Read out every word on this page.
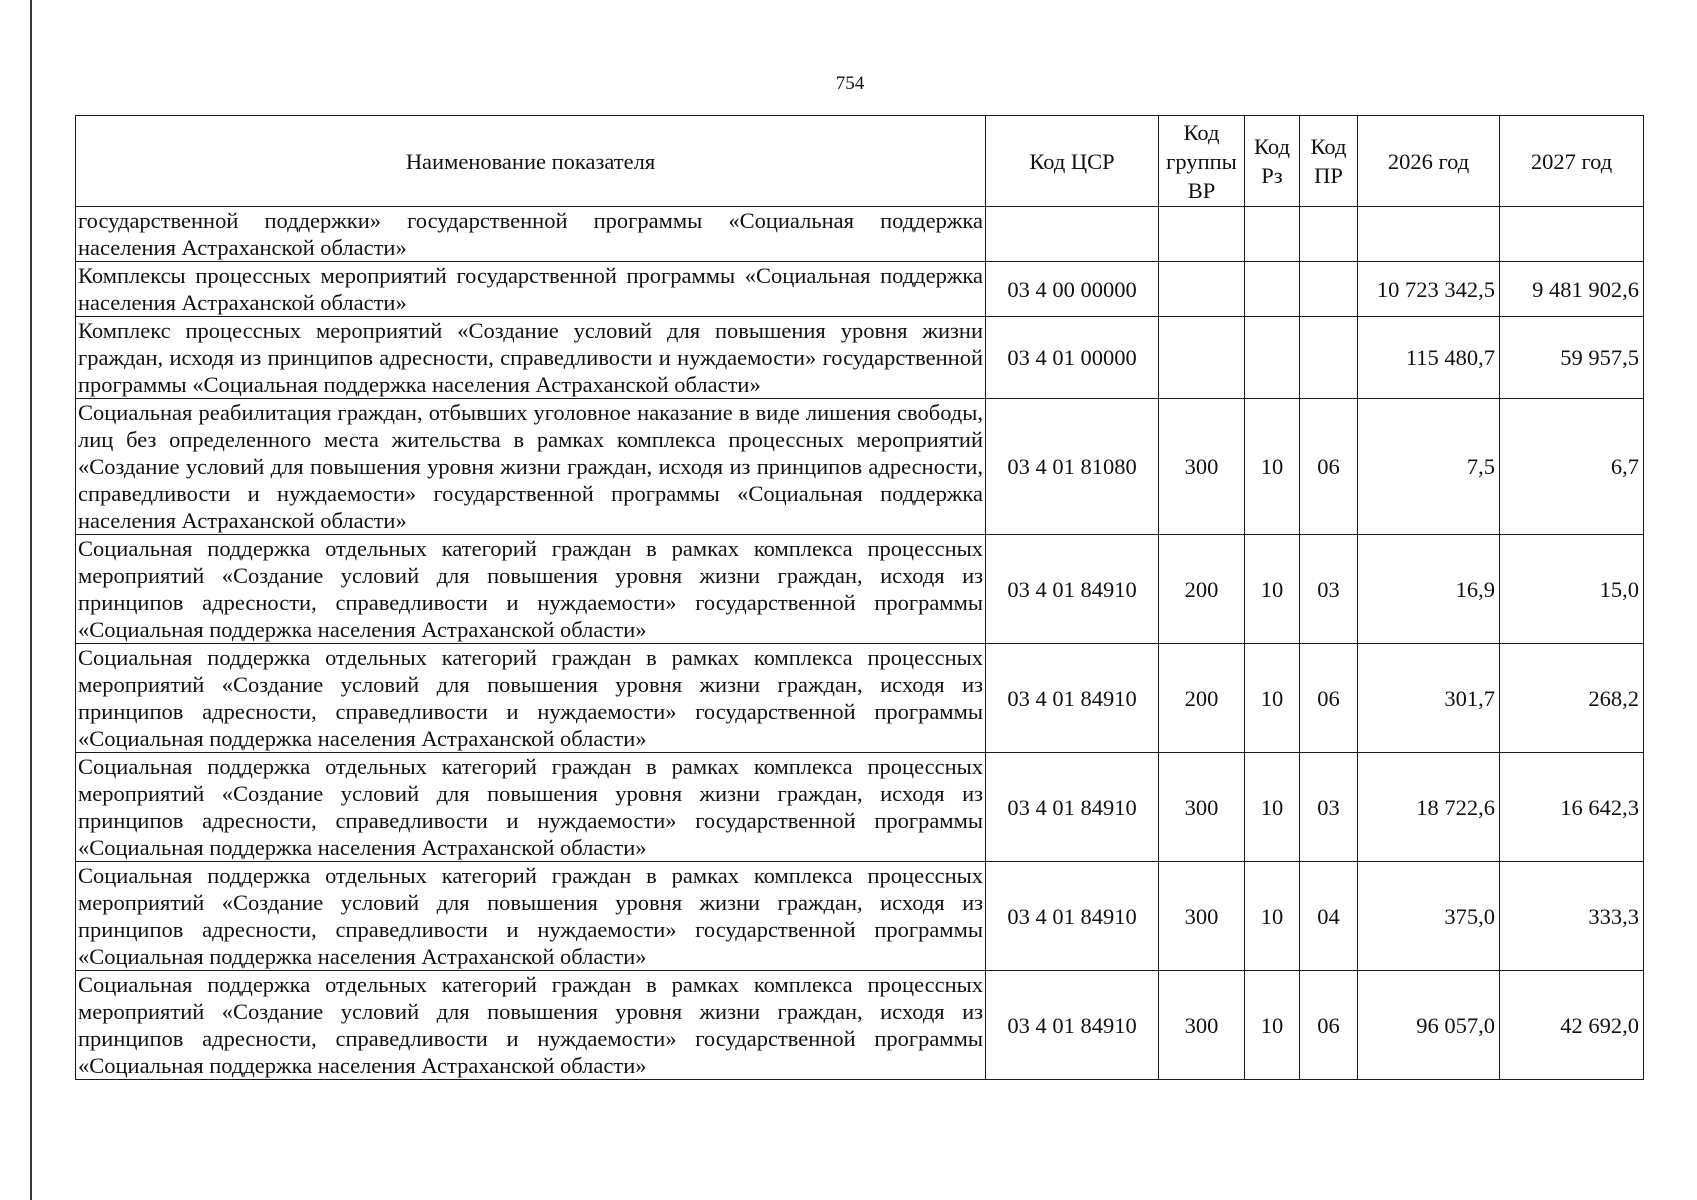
754
Наименование показателя	Код ЦСР	Код группы ВР	Код Рз	Код ПР	2026 год	2027 год
государственной поддержки» государственной программы «Социальная поддержка населения Астраханской области»						
Комплексы процессных мероприятий государственной программы «Социальная поддержка населения Астраханской области»	03 4 00 00000				10 723 342,5	9 481 902,6
Комплекс процессных мероприятий «Создание условий для повышения уровня жизни граждан, исходя из принципов адресности, справедливости и нуждаемости» государственной программы «Социальная поддержка населения Астраханской области»	03 4 01 00000				115 480,7	59 957,5
Социальная реабилитация граждан, отбывших уголовное наказание в виде лишения свободы, лиц без определенного места жительства в рамках комплекса процессных мероприятий «Создание условий для повышения уровня жизни граждан, исходя из принципов адресности, справедливости и нуждаемости» государственной программы «Социальная поддержка населения Астраханской области»	03 4 01 81080	300	10	06	7,5	6,7
Социальная поддержка отдельных категорий граждан в рамках комплекса процессных мероприятий «Создание условий для повышения уровня жизни граждан, исходя из принципов адресности, справедливости и нуждаемости» государственной программы «Социальная поддержка населения Астраханской области»	03 4 01 84910	200	10	03	16,9	15,0
Социальная поддержка отдельных категорий граждан в рамках комплекса процессных мероприятий «Создание условий для повышения уровня жизни граждан, исходя из принципов адресности, справедливости и нуждаемости» государственной программы «Социальная поддержка населения Астраханской области»	03 4 01 84910	200	10	06	301,7	268,2
Социальная поддержка отдельных категорий граждан в рамках комплекса процессных мероприятий «Создание условий для повышения уровня жизни граждан, исходя из принципов адресности, справедливости и нуждаемости» государственной программы «Социальная поддержка населения Астраханской области»	03 4 01 84910	300	10	03	18 722,6	16 642,3
Социальная поддержка отдельных категорий граждан в рамках комплекса процессных мероприятий «Создание условий для повышения уровня жизни граждан, исходя из принципов адресности, справедливости и нуждаемости» государственной программы «Социальная поддержка населения Астраханской области»	03 4 01 84910	300	10	04	375,0	333,3
Социальная поддержка отдельных категорий граждан в рамках комплекса процессных мероприятий «Создание условий для повышения уровня жизни граждан, исходя из принципов адресности, справедливости и нуждаемости» государственной программы «Социальная поддержка населения Астраханской области»	03 4 01 84910	300	10	06	96 057,0	42 692,0
